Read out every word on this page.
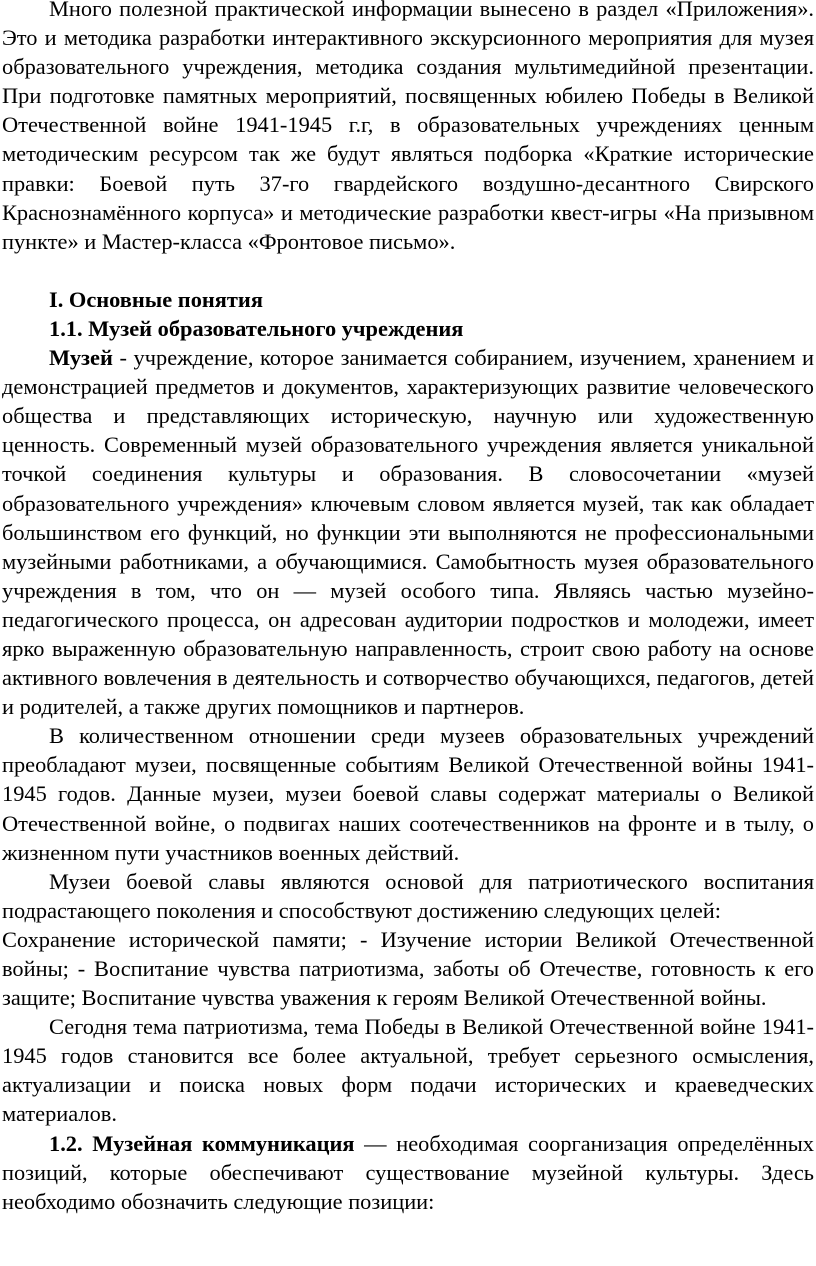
Много полезной практической информации вынесено в раздел «Приложения». Это и методика разработки интерактивного экскурсионного мероприятия для музея образовательного учреждения, методика создания мультимедийной презентации. При подготовке памятных мероприятий, посвященных юбилею Победы в Великой Отечественной войне 1941-1945 г.г, в образовательных учреждениях ценным методическим ресурсом так же будут являться подборка «Краткие исторические правки: Боевой путь 37-го гвардейского воздушно-десантного Свирского Краснознамённого корпуса» и методические разработки квест-игры «На призывном пункте» и Мастер-класса «Фронтовое письмо».

I. Основные понятия
1.1. Музей образовательного учреждения

Музей - учреждение, которое занимается собиранием, изучением, хранением и демонстрацией предметов и документов, характеризующих развитие человеческого общества и представляющих историческую, научную или художественную ценность. Современный музей образовательного учреждения является уникальной точкой соединения культуры и образования. В словосочетании «музей образовательного учреждения» ключевым словом является музей, так как обладает большинством его функций, но функции эти выполняются не профессиональными музейными работниками, а обучающимися. Самобытность музея образовательного учреждения в том, что он — музей особого типа. Являясь частью музейно-педагогического процесса, он адресован аудитории подростков и молодежи, имеет ярко выраженную образовательную направленность, строит свою работу на основе активного вовлечения в деятельность и сотворчество обучающихся, педагогов, детей и родителей, а также других помощников и партнеров.

В количественном отношении среди музеев образовательных учреждений преобладают музеи, посвященные событиям Великой Отечественной войны 1941-1945 годов. Данные музеи, музеи боевой славы содержат материалы о Великой Отечественной войне, о подвигах наших соотечественников на фронте и в тылу, о жизненном пути участников военных действий.

Музеи боевой славы являются основой для патриотического воспитания подрастающего поколения и способствуют достижению следующих целей:

Сохранение исторической памяти; - Изучение истории Великой Отечественной войны; - Воспитание чувства патриотизма, заботы об Отечестве, готовность к его защите; Воспитание чувства уважения к героям Великой Отечественной войны.

Сегодня тема патриотизма, тема Победы в Великой Отечественной войне 1941-1945 годов становится все более актуальной, требует серьезного осмысления, актуализации и поиска новых форм подачи исторических и краеведческих материалов.

1.2. Музейная коммуникация — необходимая соорганизация определённых позиций, которые обеспечивают существование музейной культуры. Здесь необходимо обозначить следующие позиции:
